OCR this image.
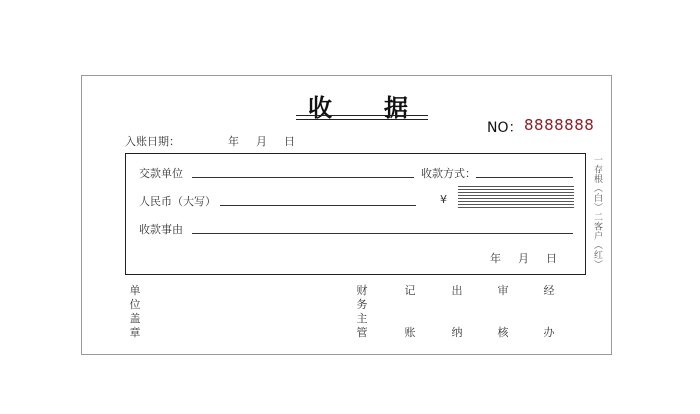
收 据
NO： 8888888
入账日期：	年 月 日
交款单位	收款方式：
人民币（大写）	¥
收款事由
年 月 日	一存根（白）二客户（红）
单
位
盖
章
财
务
主
管
记
账
出
纳
审
核
经
办
